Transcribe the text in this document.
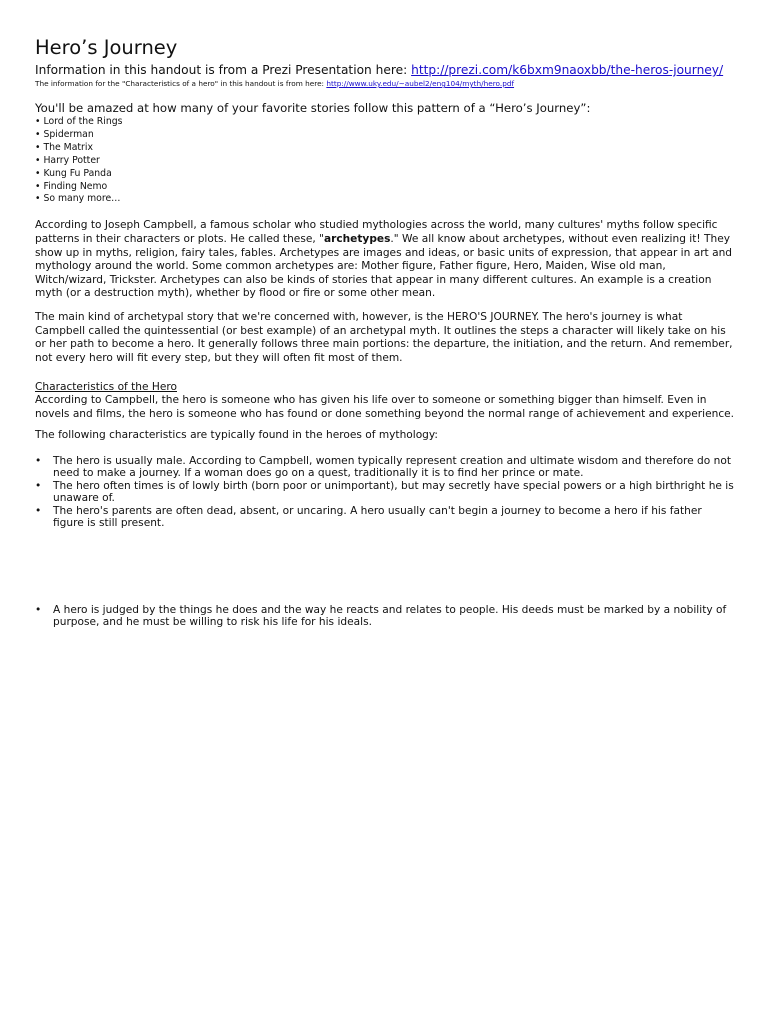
Hero’s Journey
Information in this handout is from a Prezi Presentation here: http://prezi.com/k6bxm9naoxbb/the-heros-journey/
The information for the "Characteristics of a hero" in this handout is from here: http://www.uky.edu/~aubel2/eng104/myth/hero.pdf
You'll be amazed at how many of your favorite stories follow this pattern of a “Hero’s Journey”:
• Lord of the Rings
• Spiderman
• The Matrix
• Harry Potter
• Kung Fu Panda
• Finding Nemo
• So many more…

According to Joseph Campbell, a famous scholar who studied mythologies across the world, many cultures' myths follow specific patterns in their characters or plots. He called these, "archetypes." We all know about archetypes, without even realizing it! They show up in myths, religion, fairy tales, fables. Archetypes are images and ideas, or basic units of expression, that appear in art and mythology around the world. Some common archetypes are: Mother figure, Father figure, Hero, Maiden, Wise old man, Witch/wizard, Trickster. Archetypes can also be kinds of stories that appear in many different cultures. An example is a creation myth (or a destruction myth), whether by flood or fire or some other mean.

The main kind of archetypal story that we're concerned with, however, is the HERO'S JOURNEY. The hero's journey is what Campbell called the quintessential (or best example) of an archetypal myth. It outlines the steps a character will likely take on his or her path to become a hero. It generally follows three main portions: the departure, the initiation, and the return. And remember, not every hero will fit every step, but they will often fit most of them.

Characteristics of the Hero

According to Campbell, the hero is someone who has given his life over to someone or something bigger than himself. Even in novels and films, the hero is someone who has found or done something beyond the normal range of achievement and experience.

The following characteristics are typically found in the heroes of mythology:

• The hero is usually male. According to Campbell, women typically represent creation and ultimate wisdom and therefore do not need to make a journey. If a woman does go on a quest, traditionally it is to find her prince or mate.
• The hero often times is of lowly birth (born poor or unimportant), but may secretly have special powers or a high birthright he is unaware of.
• The hero's parents are often dead, absent, or uncaring. A hero usually can't begin a journey to become a hero if his father figure is still present.
• A hero is judged by the things he does and the way he reacts and relates to people. His deeds must be marked by a nobility of purpose, and he must be willing to risk his life for his ideals.
